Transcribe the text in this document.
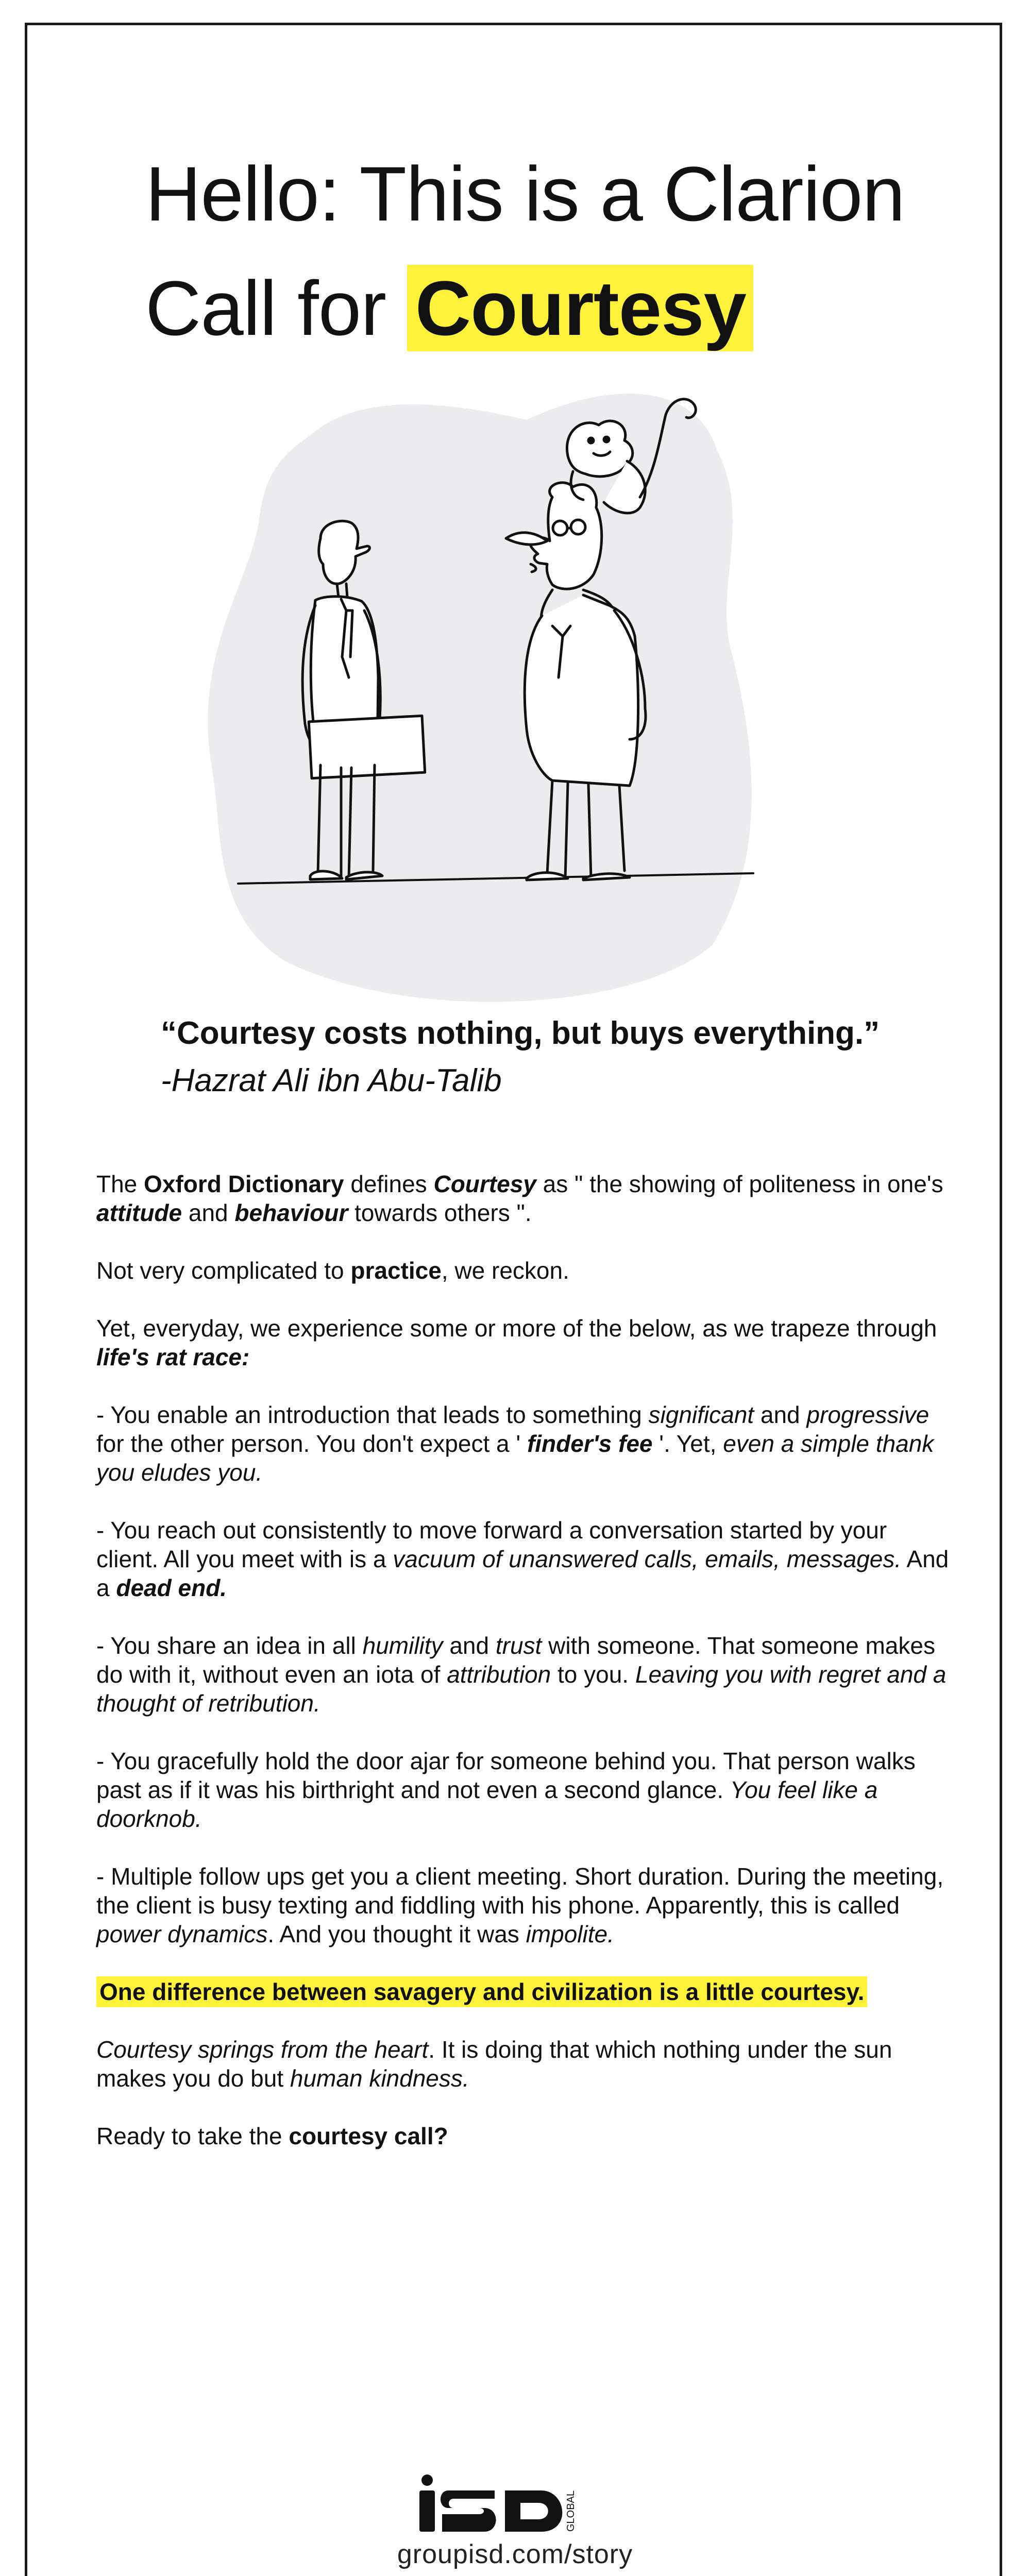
Hello: This is a Clarion
Call for Courtesy
“Courtesy costs nothing, but buys everything.”
-Hazrat Ali ibn Abu-Talib

The Oxford Dictionary defines Courtesy as " the showing of politeness in one's attitude and behaviour towards others ".

Not very complicated to practice, we reckon.

Yet, everyday, we experience some or more of the below, as we trapeze through life's rat race:

- You enable an introduction that leads to something significant and progressive for the other person. You don't expect a ' finder's fee '. Yet, even a simple thank you eludes you.

- You reach out consistently to move forward a conversation started by your client. All you meet with is a vacuum of unanswered calls, emails, messages. And a dead end.

- You share an idea in all humility and trust with someone. That someone makes do with it, without even an iota of attribution to you. Leaving you with regret and a thought of retribution.

- You gracefully hold the door ajar for someone behind you. That person walks past as if it was his birthright and not even a second glance. You feel like a doorknob.

- Multiple follow ups get you a client meeting. Short duration. During the meeting, the client is busy texting and fiddling with his phone. Apparently, this is called power dynamics. And you thought it was impolite.

One difference between savagery and civilization is a little courtesy.

Courtesy springs from the heart. It is doing that which nothing under the sun makes you do but human kindness.

Ready to take the courtesy call?

GLOBAL
groupisd.com/story
